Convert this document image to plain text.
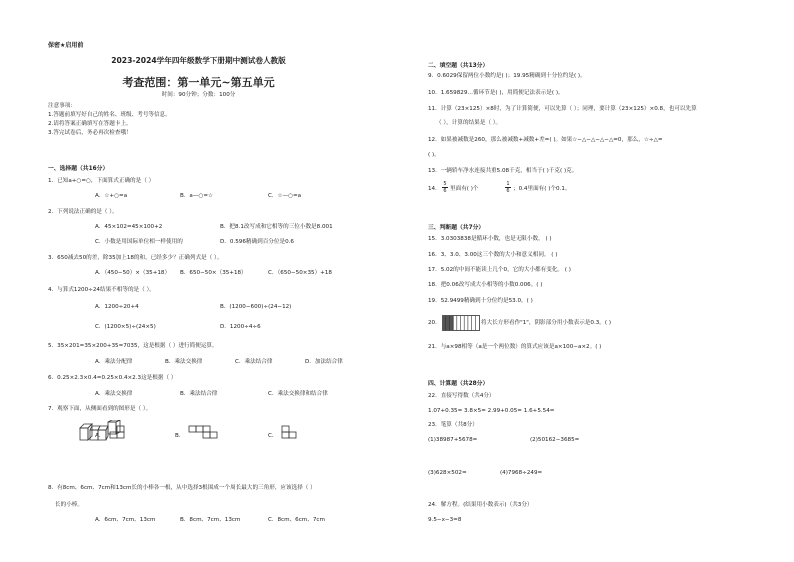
保密★启用前
2023-2024学年四年级数学下册期中测试卷人教版
考查范围：第一单元~第五单元
时间：90分钟；分数：100分
注意事项：
1.答题前填写好自己的姓名、班级、考号等信息。
2.请将答案正确填写在答题卡上。
3.答完试卷后，务必再次检查哦！
一、选择题（共16分）
1．已知a+○=○，下面算式正确的是（ ）
A．☆+○=a	B．a—○=☆	C．☆—○=a
2．下列说法正确的是（ ）。
A．45×102=45×100+2	B．把8.1改写成和它相等的三位小数是8.001
C．小数是用国际单位相一样使用的	D．0.596精确到百分位是0.6
3．650减去50的差，除35加上18的和，已经多少？正确列式是（ ）。
A．（450−50）×（35+18） B．650−50×（35+18）	C．（650−50×35）+18
4．与算式1200÷24结果不相等的是（ ）。
A．1200÷20+4	B．(1200−600)÷(24−12)
C．(1200×5)÷(24×5)	D．1200÷4÷6
5．35×201=35×200+35=7035，这是根据（ ）进行简便运算。
A．乘法分配律	B．乘法交换律	C．乘法结合律	D．加法结合律
6．0.25×2.3×0.4=0.25×0.4×2.3这是根据（ ）
A．乘法交换律	B．乘法结合律	C．乘法交换律和结合律
7．观察下面，从侧面看到的图形是（ ）。
A．	B．	C．
8．有8cm、6cm、7cm和13cm长的小棒各一根，从中选择3根围成一个周长最大的三角形，应该选择（ ）
长的小棒。
A．6cm、7cm、13cm	B．8cm、7cm、13cm	C．8cm、6cm、7cm
二、填空题（共13分）
9．0.6029保留两位小数约是( )；19.95精确到十分位约是( )。
10．1.659829…循环节是( )，用简便记法表示是( )。
11．计算（23×125）×8时，为了计算简便，可以先算（ ）；同理，要计算（23×125）×0.8，也可以先算
（ ），计算的结果是（ ）。
12．如果被减数是260，那么被减数+减数+差=( )。如果☆−△−△−△−△=0，那么，☆÷△=
( )。
13．一辆轿车净水连接共重5.08千克，相当于( )千克( )克。
14．
5
6 里面有( )个
1
6 ；0.4里面有( )个0.1。
三、判断题（共7分）
15．3.0303838是循环小数，也是无限小数。 ( )
16．3、3.0、3.00这三个数的大小和意义相同。 ( )
17．5.02的中间不能读上几个0，它的大小都有变化。 ( )
18．把0.06改写成大小相等的小数0.006。( )
19．52.9499精确到十分位约是53.0。( )
20．	将大长方形看作"1"，阴影部分用小数表示是0.3。( )
21．与a×98相等（a是一个两位数）的算式应该是a×100−a×2。( )
四、计算题（共28分）
22．直接写得数（共4分）
1.07+0.35= 3.8×5= 2.99+0.05= 1.6+5.54=
23．笔算（共8分）
(1)38987+5678=	(2)50162−3685=
(3)628×502=	(4)7968÷249=
24．解方程。(结果用小数表示)（共3分）
9.5−x−3=8
